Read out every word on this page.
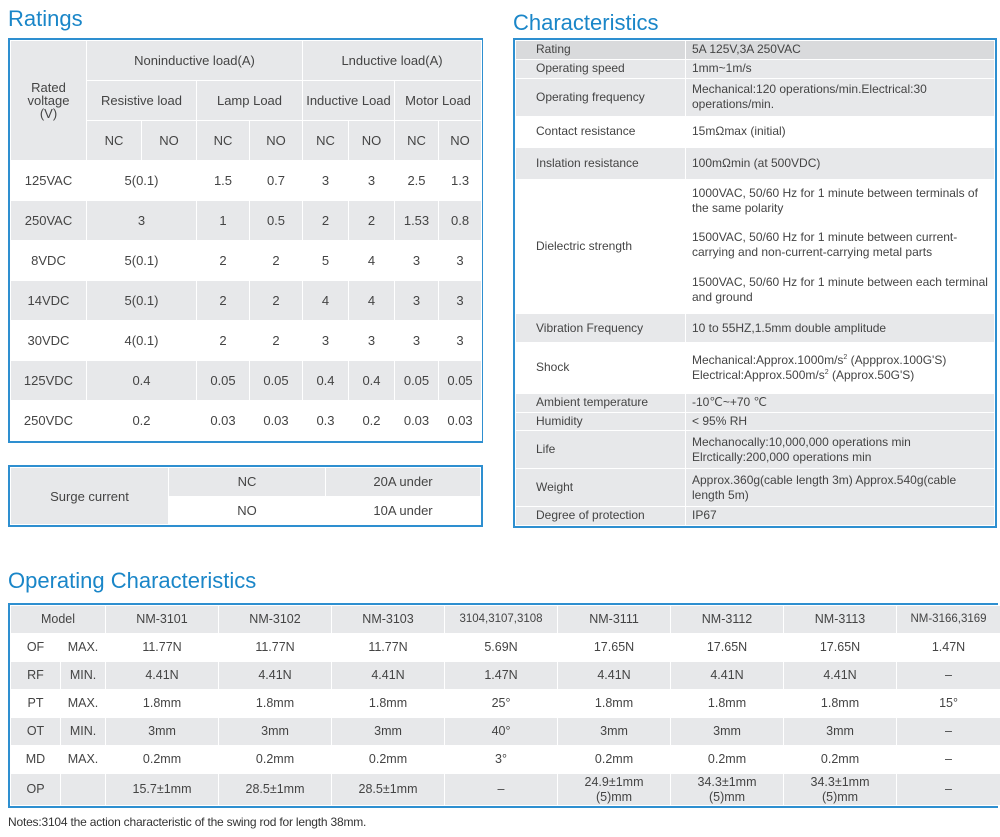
Ratings
Rated voltage (V)	Noninductive load(A)				Lnductive load(A)			
	Resistive load		Lamp Load		Inductive Load		Motor Load	
	NC	NO	NC	NO	NC	NO	NC	NO
125VAC	5(0.1)		1.5	0.7	3	3	2.5	1.3
250VAC	3		1	0.5	2	2	1.53	0.8
8VDC	5(0.1)		2	2	5	4	3	3
14VDC	5(0.1)		2	2	4	4	3	3
30VDC	4(0.1)		2	2	3	3	3	3
125VDC	0.4		0.05	0.05	0.4	0.4	0.05	0.05
250VDC	0.2		0.03	0.03	0.3	0.2	0.03	0.03
Surge current	NC	20A under
	NO	10A under
Characteristics
Rating	5A 125V,3A 250VAC
Operating speed	1mm~1m/s
Operating frequency	Mechanical:120 operations/min.Electrical:30 operations/min.
Contact resistance	15mΩmax (initial)
Inslation resistance	100mΩmin (at 500VDC)
Dielectric strength	1000VAC, 50/60 Hz for 1 minute between terminals of the same polarity
	1500VAC, 50/60 Hz for 1 minute between current-carrying and non-current-carrying metal parts
	1500VAC, 50/60 Hz for 1 minute between each terminal and ground
Vibration Frequency	10 to 55HZ,1.5mm double amplitude
Shock	$Mechanical:Approx.1000m/s^2$ (Appprox.100G'S)
$Electrical:Approx.500m/s^2$ (Approx.50G'S)

Ambient temperature	-10℃~+70 ℃
Humidity	< 95% RH
Life	Mechanocally:10,000,000 operations min
Elrctically:200,000 operations min

Weight	Approx.360g(cable length 3m) Approx.540g(cable length 5m)
Degree of protection	IP67
Operating Characteristics
Model		NM-3101	NM-3102	NM-3103	3104,3107,3108	NM-3111	NM-3112	NM-3113	NM-3166,3169
OF	MAX.	11.77N	11.77N	11.77N	5.69N	17.65N	17.65N	17.65N	1.47N
RF	MIN.	4.41N	4.41N	4.41N	1.47N	4.41N	4.41N	4.41N	–
PT	MAX.	1.8mm	1.8mm	1.8mm	25°	1.8mm	1.8mm	1.8mm	15°
OT	MIN.	3mm	3mm	3mm	40°	3mm	3mm	3mm	–
MD	MAX.	0.2mm	0.2mm	0.2mm	3°	0.2mm	0.2mm	0.2mm	–
OP		15.7±1mm	28.5±1mm	28.5±1mm	–	24.9±1mm (5)mm	34.3±1mm (5)mm	34.3±1mm (5)mm	–
Notes:3104 the action characteristic of the swing rod for length 38mm.
